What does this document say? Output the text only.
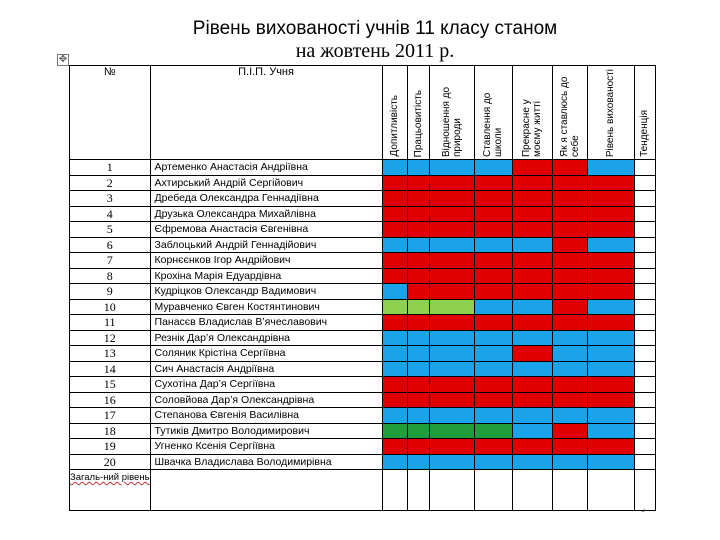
Рівень вихованості учнів 11 класу станом
на жовтень 2011 р.
✥
№	П.І.П. Учня	Допитливість	Працьовитість	Відношення до природи	Ставлення до школи	Прекрасне у моєму житті	Як я ставлюсь до себе	Рівень вихованості	Тенденція

1	Артеменко Анастасія Андріївна								
2	Ахтирський Андрій Сергійович								
3	Дребеда Олександра Геннадіївна								
4	Друзька Олександра Михайлівна								
5	Єфремова Анастасія Євгенівна								
6	Заблоцький Андрій Геннадійович								
7	Корнєєнков Ігор Андрійович								
8	Крохіна Марія Едуардівна								
9	Кудріцков Олександр Вадимович								
10	Муравченко Євген Костянтинович								
11	Панасєв Владислав В’ячеславович								
12	Резнік Дар’я Олександрівна								
13	Соляник Крістіна Сергіївна								
14	Сич Анастасія Андріївна								
15	Сухотіна Дар’я Сергіївна								
16	Соловйова Дар’я Олександрівна								
17	Степанова Євгенія Василівна								
18	Тутиків Дмитро Володимирович								
19	Угненко Ксенія Сергіївна								
20	Швачка Владислава Володимирівна								
Загаль-ний рівень									
⌟
